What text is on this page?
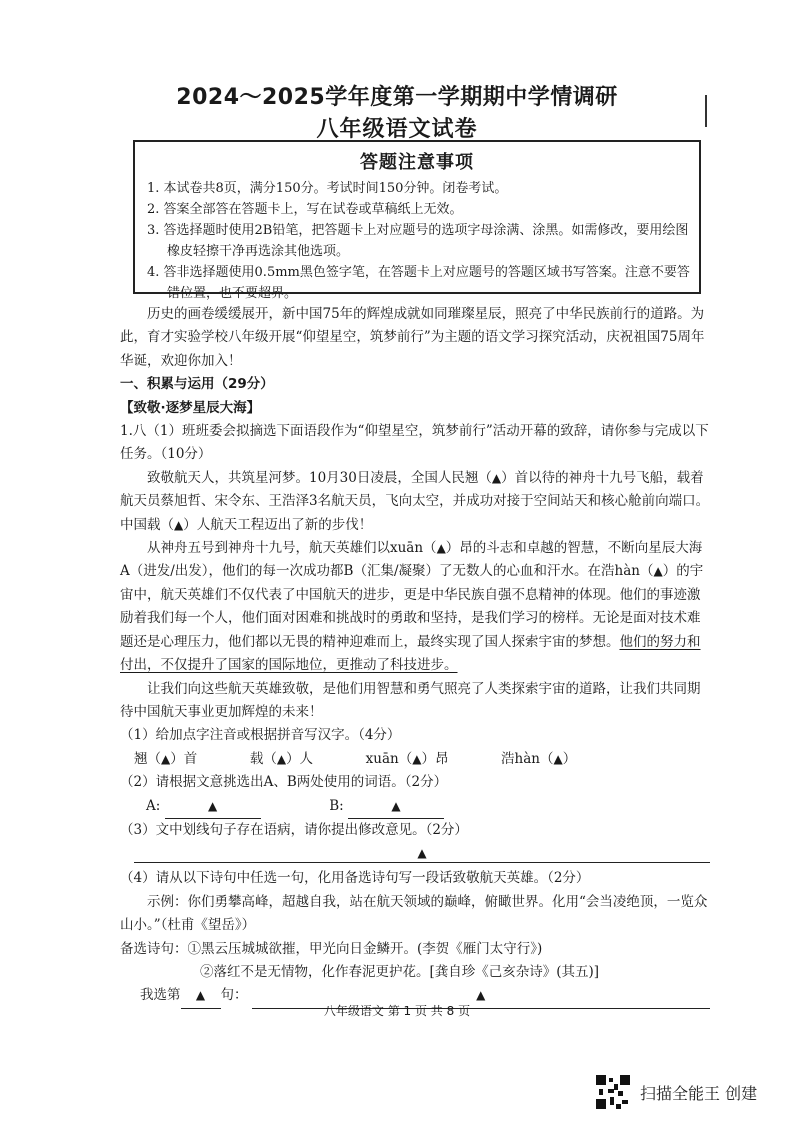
2024～2025学年度第一学期期中学情调研
八年级语文试卷
答题注意事项
1. 本试卷共8页，满分150分。考试时间150分钟。闭卷考试。
2. 答案全部答在答题卡上，写在试卷或草稿纸上无效。
3. 答选择题时使用2B铅笔，把答题卡上对应题号的选项字母涂满、涂黑。如需修改，要用绘图橡皮轻擦干净再选涂其他选项。
4. 答非选择题使用0.5mm黑色签字笔，在答题卡上对应题号的答题区域书写答案。注意不要答错位置，也不要超界。

历史的画卷缓缓展开，新中国75年的辉煌成就如同璀璨星辰，照亮了中华民族前行的道路。为此，育才实验学校八年级开展“仰望星空，筑梦前行”为主题的语文学习探究活动，庆祝祖国75周年华诞，欢迎你加入！

一、积累与运用（29分）

【致敬·逐梦星辰大海】

1.八（1）班班委会拟摘选下面语段作为“仰望星空，筑梦前行”活动开幕的致辞，请你参与完成以下任务。（10分）

致敬航天人，共筑星河梦。10月30日凌晨，全国人民翘（▲）首以待的神舟十九号飞船，载着航天员蔡旭哲、宋令东、王浩泽3名航天员，飞向太空，并成功对接于空间站天和核心舱前向端口。中国载（▲）人航天工程迈出了新的步伐！

从神舟五号到神舟十九号，航天英雄们以xuān（▲）昂的斗志和卓越的智慧，不断向星辰大海A（进发/出发），他们的每一次成功都B（汇集/凝聚）了无数人的心血和汗水。在浩hàn（▲）的宇宙中，航天英雄们不仅代表了中国航天的进步，更是中华民族自强不息精神的体现。他们的事迹激励着我们每一个人，他们面对困难和挑战时的勇敢和坚持，是我们学习的榜样。无论是面对技术难题还是心理压力，他们都以无畏的精神迎难而上，最终实现了国人探索宇宙的梦想。他们的努力和付出，不仅提升了国家的国际地位，更推动了科技进步。

让我们向这些航天英雄致敬，是他们用智慧和勇气照亮了人类探索宇宙的道路，让我们共同期待中国航天事业更加辉煌的未来！

（1）给加点字注音或根据拼音写汉字。（4分）

翘（▲）首	载（▲）人	xuān（▲）昂	浩hàn（▲）

（2）请根据文意挑选出A、B两处使用的词语。（2分）

A:	▲	B:	▲

（3）文中划线句子存在语病，请你提出修改意见。（2分）

▲

（4）请从以下诗句中任选一句，化用备选诗句写一段话致敬航天英雄。（2分）

示例：你们勇攀高峰，超越自我，站在航天领域的巅峰，俯瞰世界。化用“会当凌绝顶，一览众山小。”（杜甫《望岳》）

备选诗句：①黑云压城城欲摧，甲光向日金鳞开。(李贺《雁门太守行》)

②落红不是无情物，化作春泥更护花。[龚自珍《己亥杂诗》(其五)]

我选第	▲	句：	▲
八年级语文 第 1 页 共 8 页
扫描全能王 创建
